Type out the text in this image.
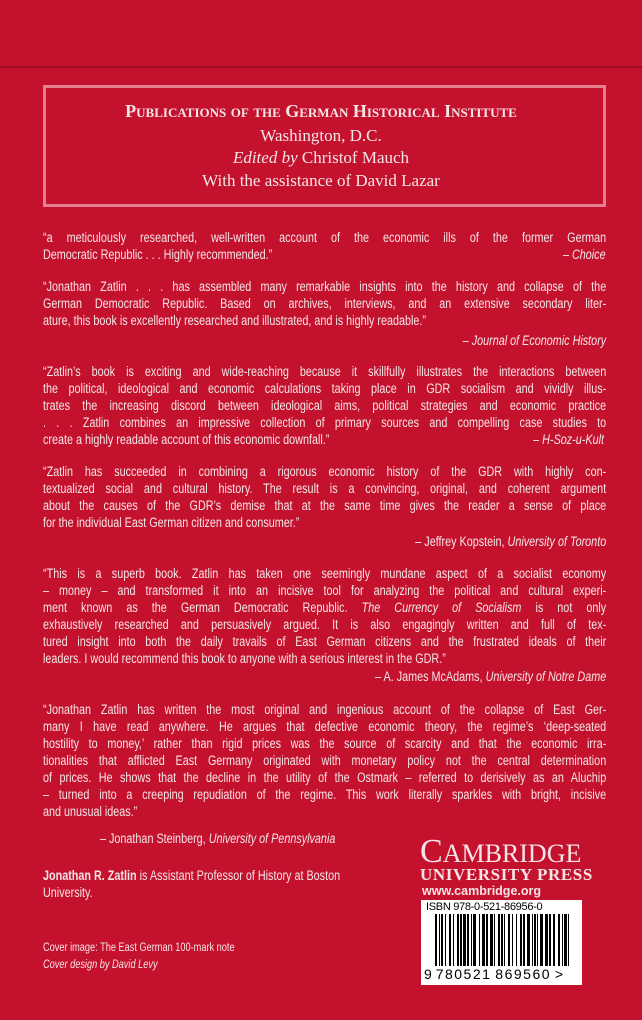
Publications of the German Historical Institute
Washington, D.C.
Edited by Christof Mauch
With the assistance of David Lazar
“a meticulously researched, well-written account of the economic ills of the former German
Democratic Republic . . . Highly recommended.”	– Choice
“Jonathan Zatlin . . . has assembled many remarkable insights into the history and collapse of the
German Democratic Republic. Based on archives, interviews, and an extensive secondary liter-
ature, this book is excellently researched and illustrated, and is highly readable.”
– Journal of Economic History
“Zatlin’s book is exciting and wide-reaching because it skillfully illustrates the interactions between
the political, ideological and economic calculations taking place in GDR socialism and vividly illus-
trates the increasing discord between ideological aims, political strategies and economic practice
. . . Zatlin combines an impressive collection of primary sources and compelling case studies to
create a highly readable account of this economic downfall.”	– H-Soz-u-Kult
“Zatlin has succeeded in combining a rigorous economic history of the GDR with highly con-
textualized social and cultural history. The result is a convincing, original, and coherent argument
about the causes of the GDR’s demise that at the same time gives the reader a sense of place
for the individual East German citizen and consumer.”
– Jeffrey Kopstein, University of Toronto
“This is a superb book. Zatlin has taken one seemingly mundane aspect of a socialist economy
– money – and transformed it into an incisive tool for analyzing the political and cultural experi-
ment known as the German Democratic Republic. The Currency of Socialism is not only
exhaustively researched and persuasively argued. It is also engagingly written and full of tex-
tured insight into both the daily travails of East German citizens and the frustrated ideals of their
leaders. I would recommend this book to anyone with a serious interest in the GDR.”
– A. James McAdams, University of Notre Dame
“Jonathan Zatlin has written the most original and ingenious account of the collapse of East Ger-
many I have read anywhere. He argues that defective economic theory, the regime’s ‘deep-seated
hostility to money,’ rather than rigid prices was the source of scarcity and that the economic irra-
tionalities that afflicted East Germany originated with monetary policy not the central determination
of prices. He shows that the decline in the utility of the Ostmark – referred to derisively as an Aluchip
– turned into a creeping repudiation of the regime. This work literally sparkles with bright, incisive
and unusual ideas.”
– Jonathan Steinberg, University of Pennsylvania
Jonathan R. Zatlin is Assistant Professor of History at Boston
University.
Cover image: The East German 100-mark note
Cover design by David Levy
CAMBRIDGE
UNIVERSITY PRESS
www.cambridge.org
ISBN 978-0-521-86956-0
9 780521 869560 >
